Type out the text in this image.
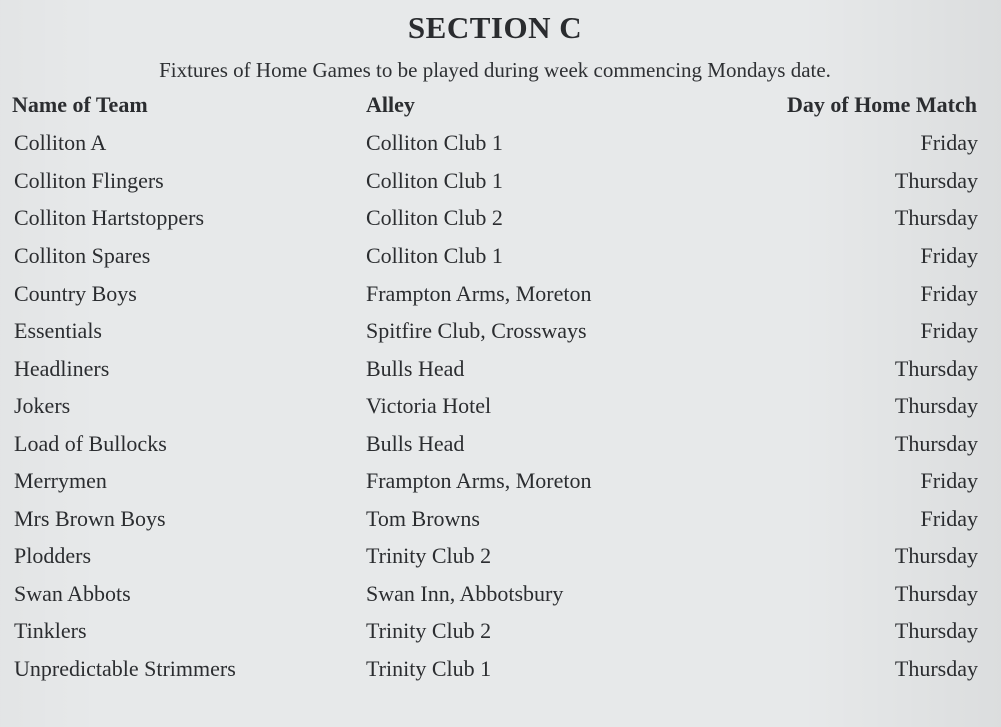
SECTION C
Fixtures of Home Games to be played during week commencing Mondays date.
Name of Team	Alley	Day of Home Match
Colliton A	Colliton Club 1	Friday
Colliton Flingers	Colliton Club 1	Thursday
Colliton Hartstoppers	Colliton Club 2	Thursday
Colliton Spares	Colliton Club 1	Friday
Country Boys	Frampton Arms, Moreton	Friday
Essentials	Spitfire Club, Crossways	Friday
Headliners	Bulls Head	Thursday
Jokers	Victoria Hotel	Thursday
Load of Bullocks	Bulls Head	Thursday
Merrymen	Frampton Arms, Moreton	Friday
Mrs Brown Boys	Tom Browns	Friday
Plodders	Trinity Club 2	Thursday
Swan Abbots	Swan Inn, Abbotsbury	Thursday
Tinklers	Trinity Club 2	Thursday
Unpredictable Strimmers	Trinity Club 1	Thursday
